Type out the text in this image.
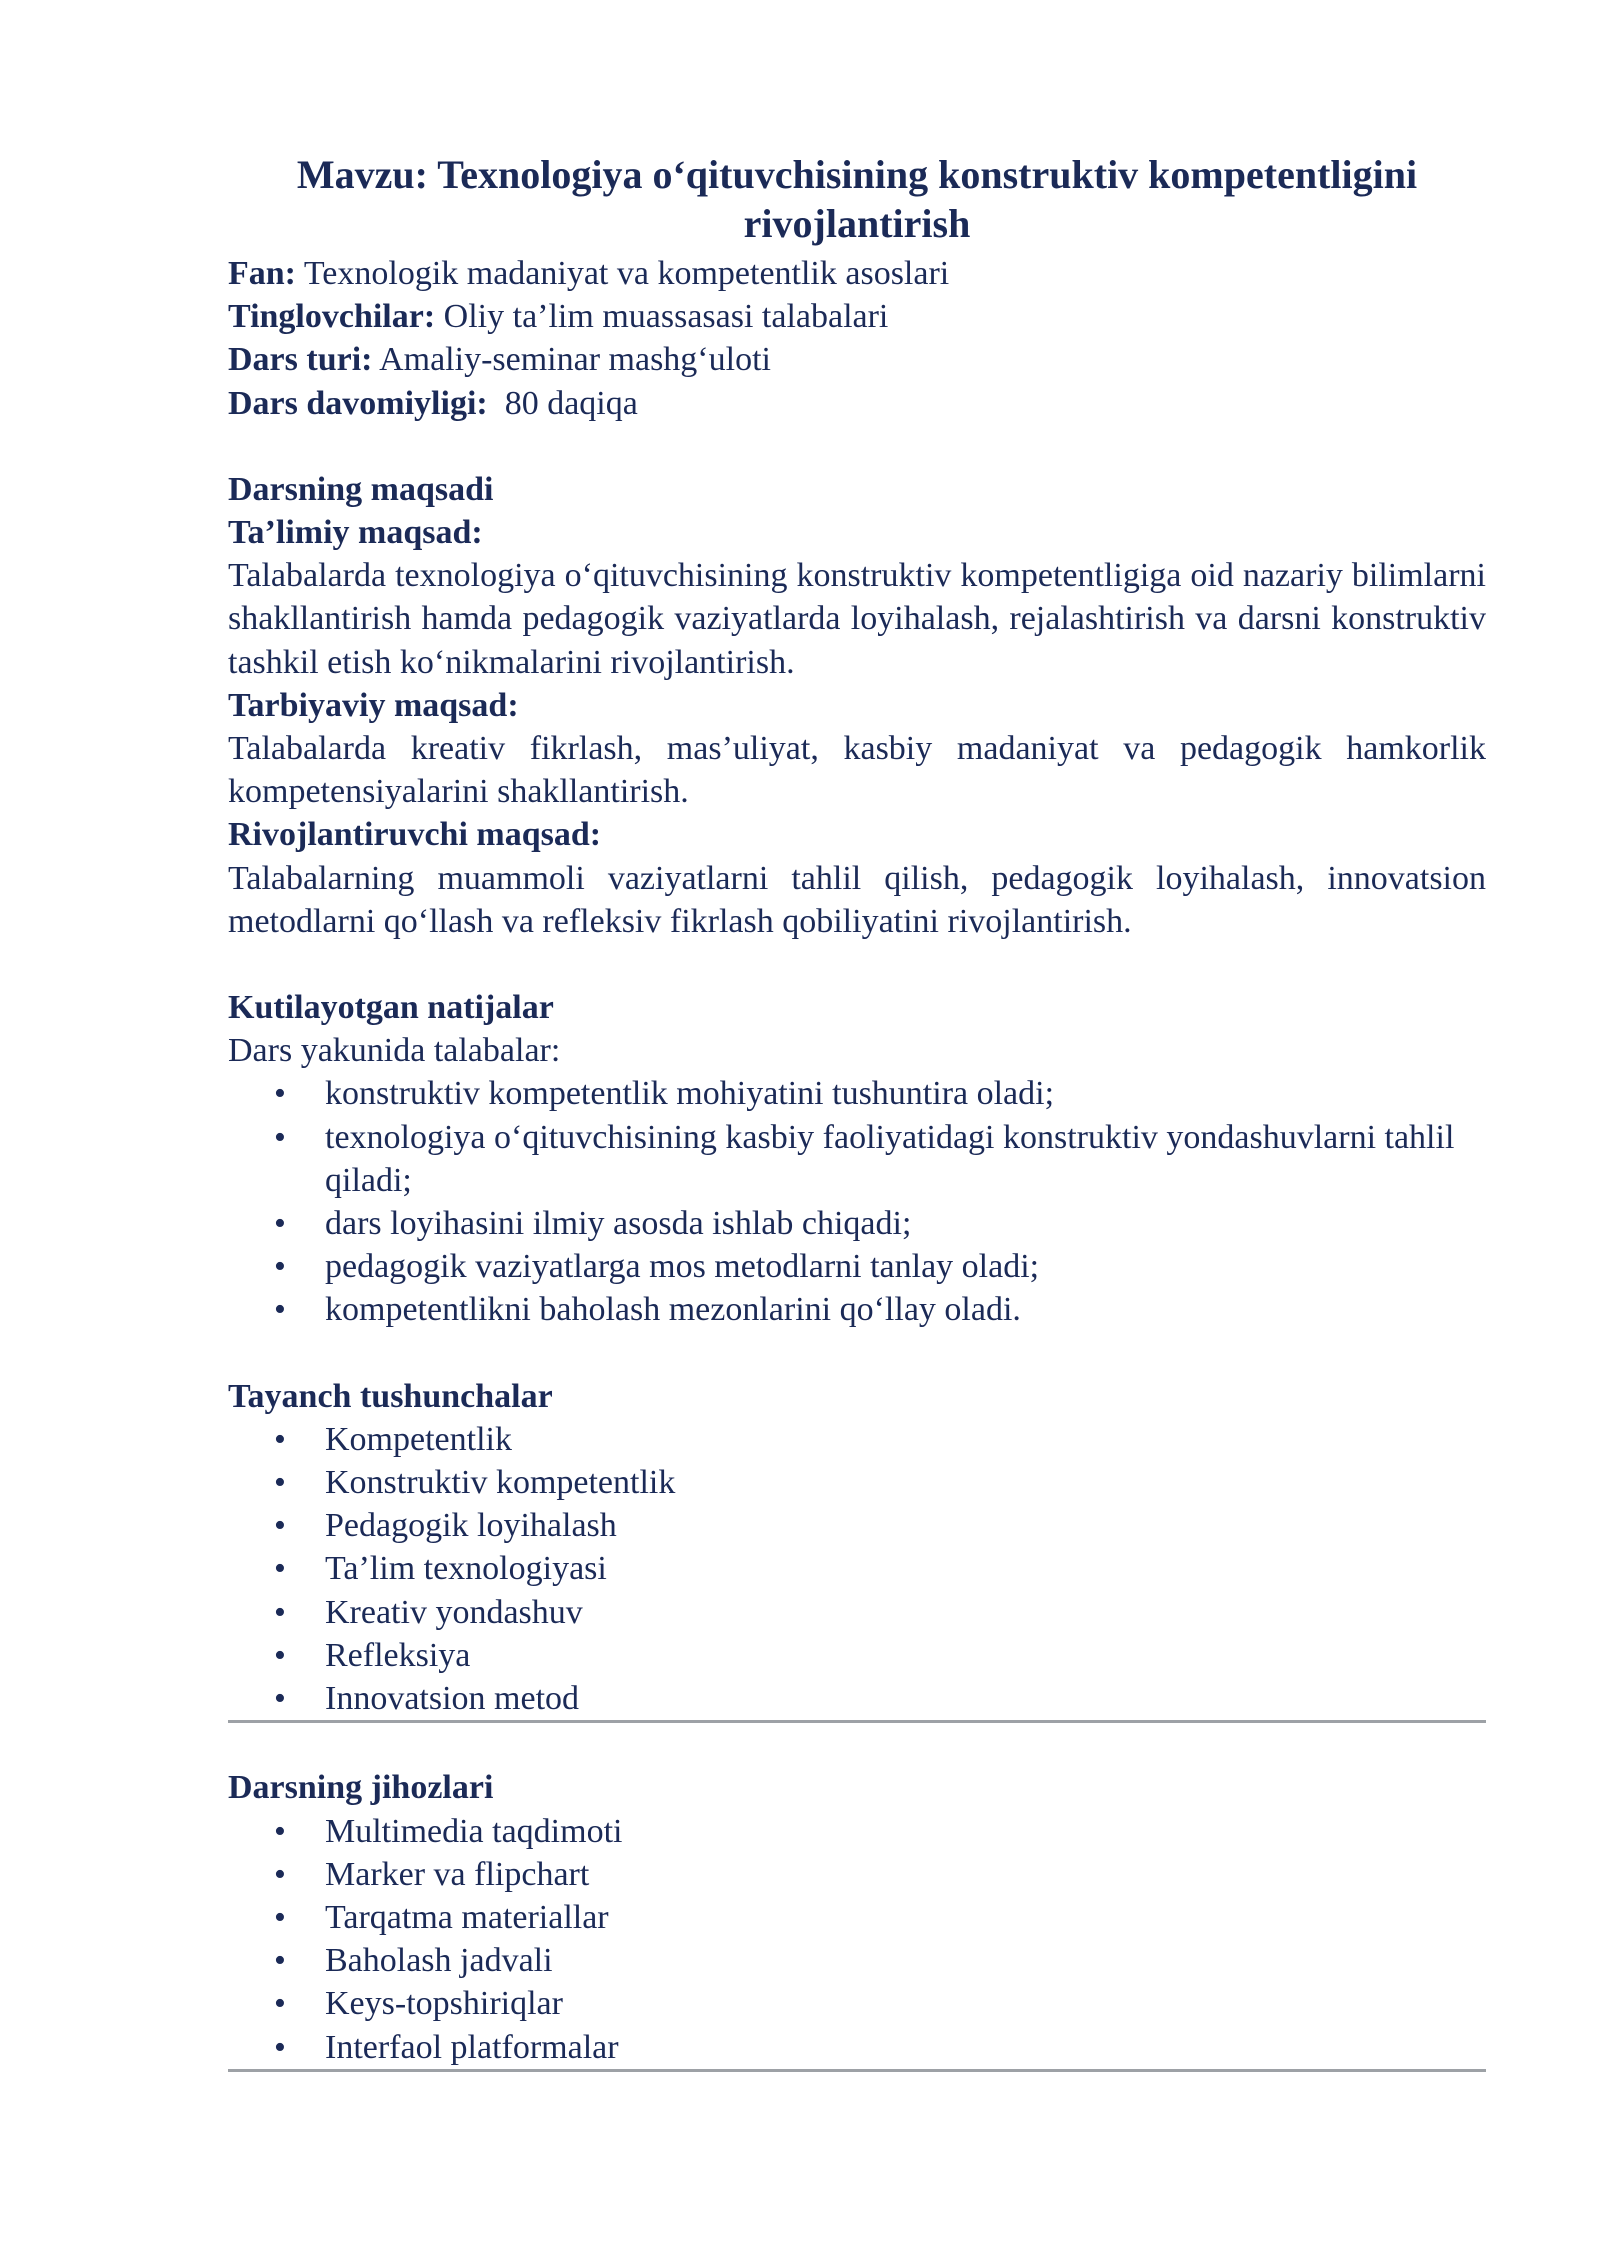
Mavzu: Texnologiya o‘qituvchisining konstruktiv kompetentligini rivojlantirish
Fan: Texnologik madaniyat va kompetentlik asoslari
Tinglovchilar: Oliy ta’lim muassasasi talabalari
Dars turi: Amaliy-seminar mashg‘uloti
Dars davomiyligi:  80 daqiqa
Darsning maqsadi
Ta’limiy maqsad:
Talabalarda texnologiya o‘qituvchisining konstruktiv kompetentligiga oid nazariy bilimlarni shakllantirish hamda pedagogik vaziyatlarda loyihalash, rejalashtirish va darsni konstruktiv tashkil etish ko‘nikmalarini rivojlantirish.
Tarbiyaviy maqsad:
Talabalarda kreativ fikrlash, mas’uliyat, kasbiy madaniyat va pedagogik hamkorlik kompetensiyalarini shakllantirish.
Rivojlantiruvchi maqsad:
Talabalarning muammoli vaziyatlarni tahlil qilish, pedagogik loyihalash, innovatsion metodlarni qo‘llash va refleksiv fikrlash qobiliyatini rivojlantirish.
Kutilayotgan natijalar
Dars yakunida talabalar:
• konstruktiv kompetentlik mohiyatini tushuntira oladi;
• texnologiya o‘qituvchisining kasbiy faoliyatidagi konstruktiv yondashuvlarni tahlil qiladi;
• dars loyihasini ilmiy asosda ishlab chiqadi;
• pedagogik vaziyatlarga mos metodlarni tanlay oladi;
• kompetentlikni baholash mezonlarini qo‘llay oladi.
Tayanch tushunchalar
• Kompetentlik
• Konstruktiv kompetentlik
• Pedagogik loyihalash
• Ta’lim texnologiyasi
• Kreativ yondashuv
• Refleksiya
• Innovatsion metod
Darsning jihozlari
• Multimedia taqdimoti
• Marker va flipchart
• Tarqatma materiallar
• Baholash jadvali
• Keys-topshiriqlar
• Interfaol platformalar
